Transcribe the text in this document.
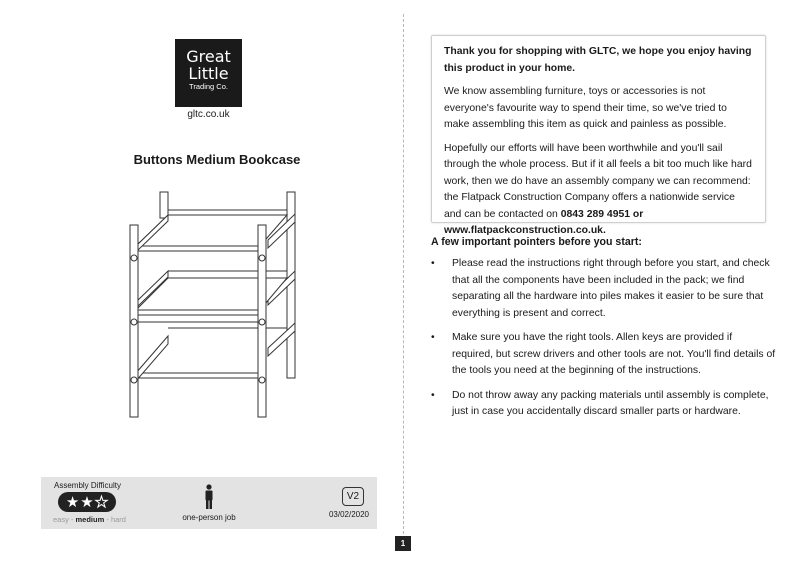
Great
Little
Trading Co.
gltc.co.uk
Buttons Medium Bookcase
Assembly Difficulty
★ ★ ★
easy - medium - hard	one-person job
V2
03/02/2020
1

Thank you for shopping with GLTC, we hope you enjoy having this product in your home.

We know assembling furniture, toys or accessories is not everyone's favourite way to spend their time, so we've tried to make assembling this item as quick and painless as possible.

Hopefully our efforts will have been worthwhile and you'll sail through the whole process. But if it all feels a bit too much like hard work, then we do have an assembly company we can recommend: the Flatpack Construction Company offers a nationwide service and can be contacted on 0843 289 4951 or www.flatpackconstruction.co.uk.

A few important pointers before you start:
• Please read the instructions right through before you start, and check that all the components have been included in the pack; we find separating all the hardware into piles makes it easier to be sure that everything is present and correct.
• Make sure you have the right tools. Allen keys are provided if required, but screw drivers and other tools are not. You'll find details of the tools you need at the beginning of the instructions.
• Do not throw away any packing materials until assembly is complete, just in case you accidentally discard smaller parts or hardware.
